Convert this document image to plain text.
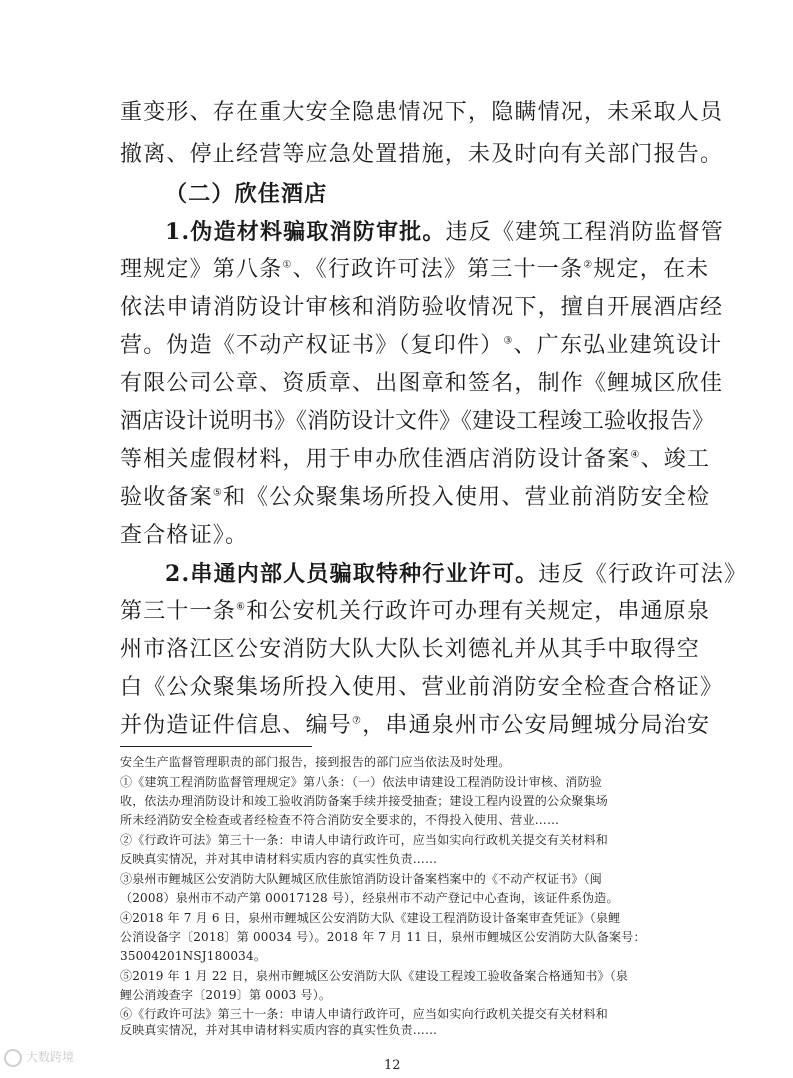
重变形、存在重大安全隐患情况下，隐瞒情况，未采取人员
撤离、停止经营等应急处置措施，未及时向有关部门报告。
（二）欣佳酒店
1.伪造材料骗取消防审批。违反《建筑工程消防监督管
理规定》第八条①、《行政许可法》第三十一条②规定，在未
依法申请消防设计审核和消防验收情况下，擅自开展酒店经
营。伪造《不动产权证书》（复印件）③、广东弘业建筑设计
有限公司公章、资质章、出图章和签名，制作《鲤城区欣佳
酒店设计说明书》《消防设计文件》《建设工程竣工验收报告》
等相关虚假材料，用于申办欣佳酒店消防设计备案④、竣工
验收备案⑤和《公众聚集场所投入使用、营业前消防安全检
查合格证》。
2.串通内部人员骗取特种行业许可。违反《行政许可法》
第三十一条⑥和公安机关行政许可办理有关规定，串通原泉
州市洛江区公安消防大队大队长刘德礼并从其手中取得空
白《公众聚集场所投入使用、营业前消防安全检查合格证》
并伪造证件信息、编号⑦，串通泉州市公安局鲤城分局治安
安全生产监督管理职责的部门报告，接到报告的部门应当依法及时处理。
①《建筑工程消防监督管理规定》第八条：（一）依法申请建设工程消防设计审核、消防验
收，依法办理消防设计和竣工验收消防备案手续并接受抽查；建设工程内设置的公众聚集场
所未经消防安全检查或者经检查不符合消防安全要求的，不得投入使用、营业……
②《行政许可法》第三十一条：申请人申请行政许可，应当如实向行政机关提交有关材料和
反映真实情况，并对其申请材料实质内容的真实性负责……
③泉州市鲤城区公安消防大队鲤城区欣佳旅馆消防设计备案档案中的《不动产权证书》（闽
（2008）泉州市不动产第 00017128 号），经泉州市不动产登记中心查询，该证件系伪造。
④2018 年 7 月 6 日，泉州市鲤城区公安消防大队《建设工程消防设计备案审查凭证》（泉鲤
公消设备字〔2018〕第 00034 号）。2018 年 7 月 11 日，泉州市鲤城区公安消防大队备案号：
35004201NSJ180034。
⑤2019 年 1 月 22 日，泉州市鲤城区公安消防大队《建设工程竣工验收备案合格通知书》（泉
鲤公消竣查字〔2019〕第 0003 号）。
⑥《行政许可法》第三十一条：申请人申请行政许可，应当如实向行政机关提交有关材料和
反映真实情况，并对其申请材料实质内容的真实性负责……
12
大数跨境
